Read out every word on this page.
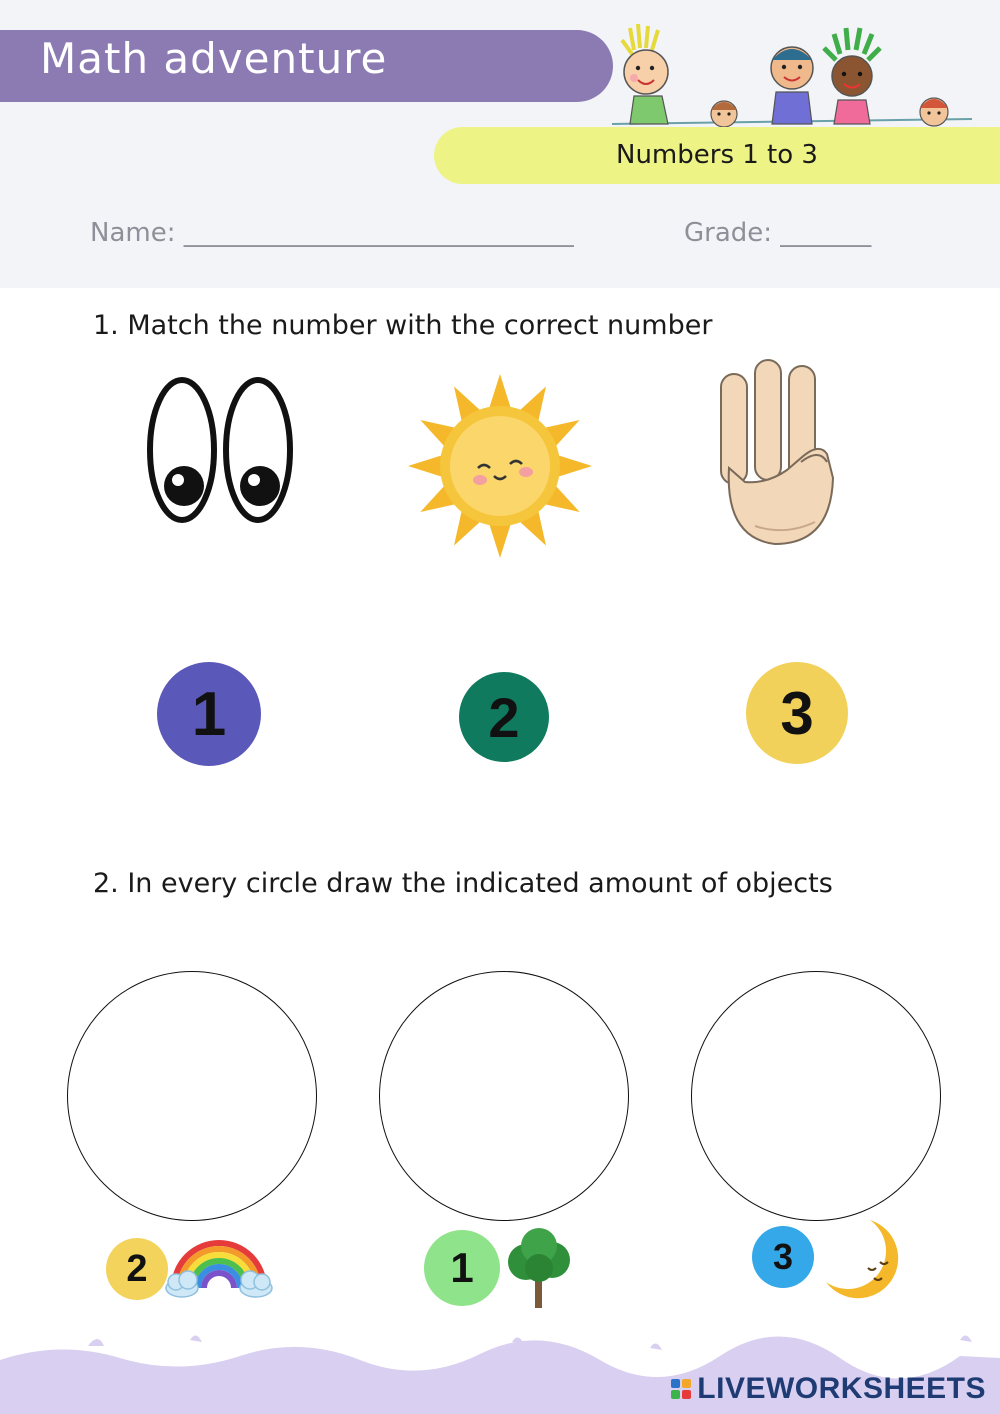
Math adventure
Numbers 1 to 3
Name: ______________________________	Grade: _______
1. Match the number with the correct number
1	2	3
2. In every circle draw the indicated amount of objects
2	1	3
LIVEWORKSHEETS
